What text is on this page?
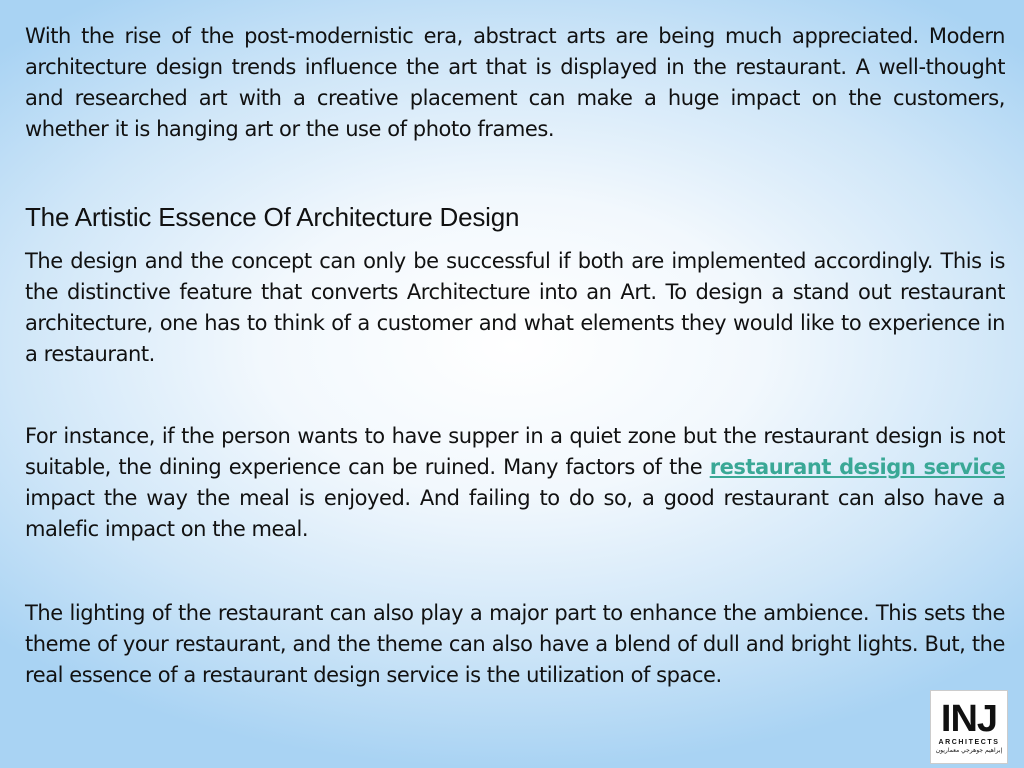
With the rise of the post-modernistic era, abstract arts are being much appreciated. Modern architecture design trends influence the art that is displayed in the restaurant. A well-thought and researched art with a creative placement can make a huge impact on the customers, whether it is hanging art or the use of photo frames.

The Artistic Essence Of Architecture Design

The design and the concept can only be successful if both are implemented accordingly. This is the distinctive feature that converts Architecture into an Art. To design a stand out restaurant architecture, one has to think of a customer and what elements they would like to experience in a restaurant.

For instance, if the person wants to have supper in a quiet zone but the restaurant design is not suitable, the dining experience can be ruined. Many factors of the restaurant design service impact the way the meal is enjoyed. And failing to do so, a good restaurant can also have a malefic impact on the meal.

The lighting of the restaurant can also play a major part to enhance the ambience. This sets the theme of your restaurant, and the theme can also have a blend of dull and bright lights. But, the real essence of a restaurant design service is the utilization of space.

INJ
ARCHITECTS
إبراهيم جوهرجي معماريون
